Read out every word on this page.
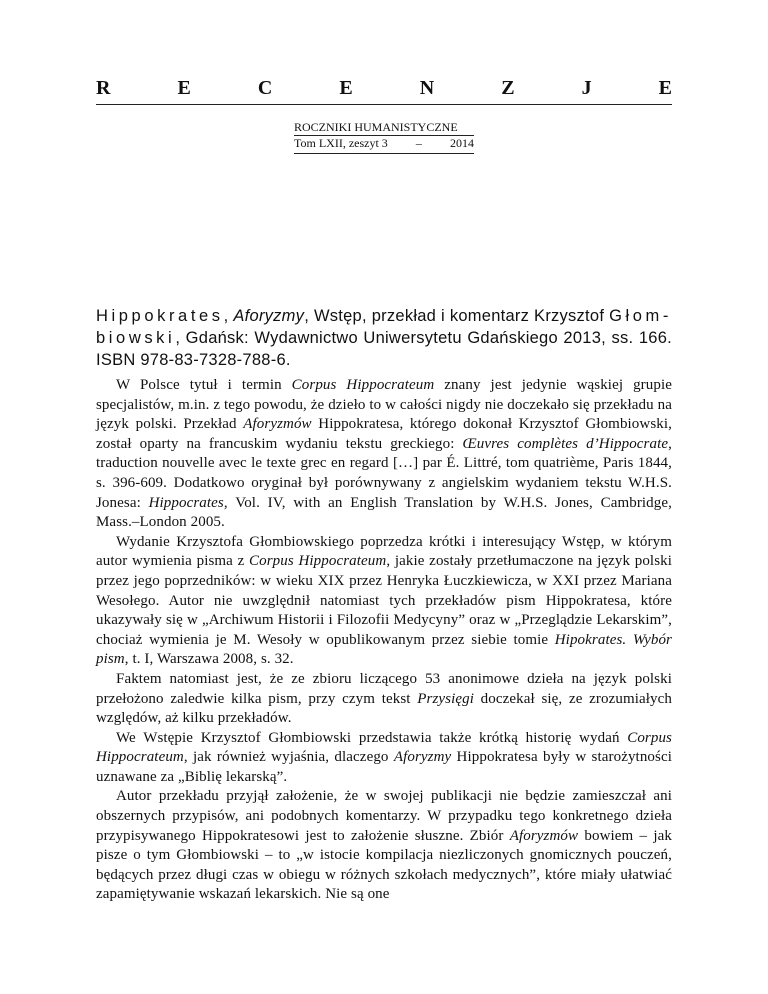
R	E	C	E	N	Z	J	E
ROCZNIKI HUMANISTYCZNE
Tom LXII, zeszyt 3 – 2014
Hippokrates, Aforyzmy, Wstęp, przekład i komentarz Krzysztof Głom- biowski, Gdańsk: Wydawnictwo Uniwersytetu Gdańskiego 2013, ss. 166. ISBN 978-83-7328-788-6.

W Polsce tytuł i termin Corpus Hippocrateum znany jest jedynie wąskiej grupie specjalistów, m.in. z tego powodu, że dzieło to w całości nigdy nie doczekało się przekładu na język polski. Przekład Aforyzmów Hippokratesa, którego dokonał Krzysztof Głombiowski, został oparty na francuskim wydaniu tekstu greckiego: Œuvres complètes d’Hippocrate, traduction nouvelle avec le texte grec en regard […] par É. Littré, tom quatrième, Paris 1844, s. 396-609. Dodatkowo oryginał był porównywany z angielskim wydaniem tekstu W.H.S. Jonesa: Hippocrates, Vol. IV, with an English Translation by W.H.S. Jones, Cambridge, Mass.–London 2005.

Wydanie Krzysztofa Głombiowskiego poprzedza krótki i interesujący Wstęp, w którym autor wymienia pisma z Corpus Hippocrateum, jakie zostały przetłumaczone na język polski przez jego poprzedników: w wieku XIX przez Henryka Łuczkiewicza, w XXI przez Mariana Wesołego. Autor nie uwzględnił natomiast tych przekładów pism Hippokratesa, które ukazywały się w „Archiwum Historii i Filozofii Medycyny” oraz w „Przeglądzie Lekarskim”, chociaż wymienia je M. Wesoły w opublikowanym przez siebie tomie Hipokrates. Wybór pism, t. I, Warszawa 2008, s. 32.

Faktem natomiast jest, że ze zbioru liczącego 53 anonimowe dzieła na język polski przełożono zaledwie kilka pism, przy czym tekst Przysięgi doczekał się, ze zrozumiałych względów, aż kilku przekładów.

We Wstępie Krzysztof Głombiowski przedstawia także krótką historię wydań Corpus Hippocrateum, jak również wyjaśnia, dlaczego Aforyzmy Hippokratesa były w starożytności uznawane za „Biblię lekarską”.

Autor przekładu przyjął założenie, że w swojej publikacji nie będzie zamieszczał ani obszernych przypisów, ani podobnych komentarzy. W przypadku tego konkretnego dzieła przypisywanego Hippokratesowi jest to założenie słuszne. Zbiór Aforyzmów bowiem – jak pisze o tym Głombiowski – to „w istocie kompilacja niezliczonych gnomicznych pouczeń, będących przez długi czas w obiegu w różnych szkołach medycznych”, które miały ułatwiać zapamiętywanie wskazań lekarskich. Nie są one
